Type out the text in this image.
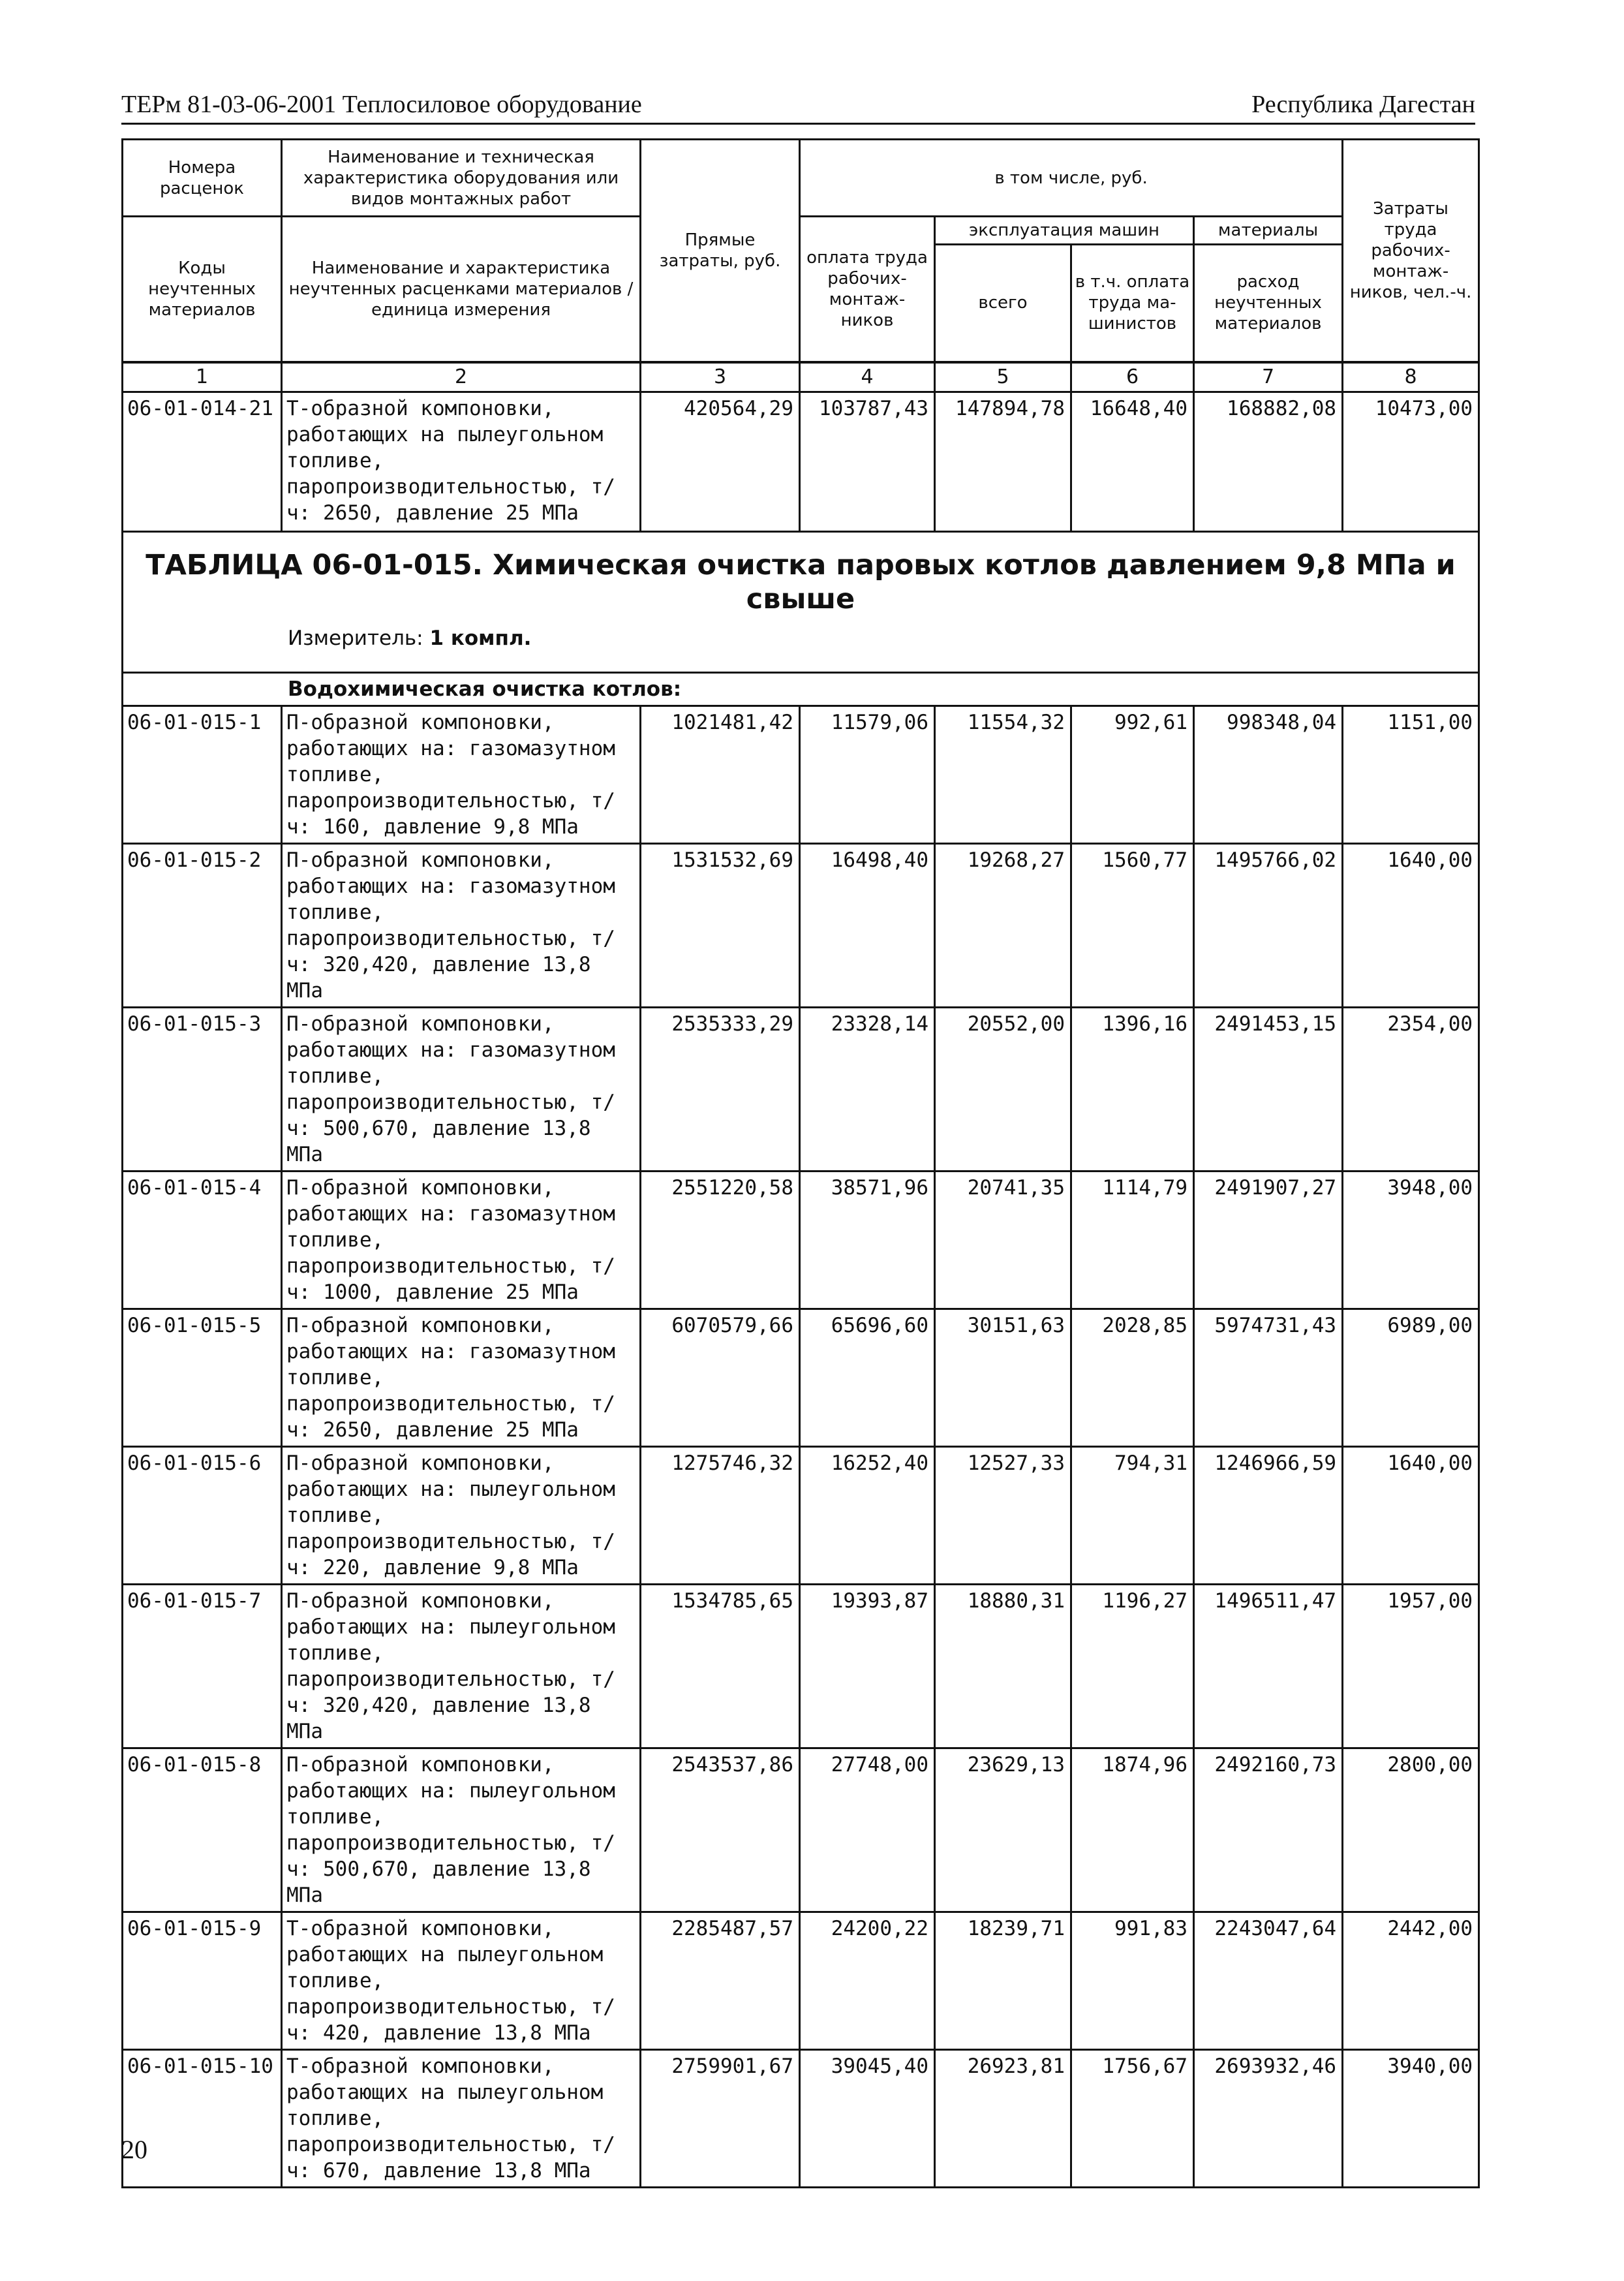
ТЕРм 81-03-06-2001 Теплосиловое оборудование	Республика Дагестан
Номера расценок	Наименование и техническая характеристика оборудования или видов монтажных работ	Прямые затраты, руб.	в том числе, руб.				Затраты труда рабочих-монтаж-ников, чел.-ч.
Коды неучтенных материалов	Наименование и характеристика неучтенных расценками материалов / единица измерения		оплата труда рабочих-монтаж-ников	эксплуатация машин		материалы	
				всего	в т.ч. оплата труда ма-шинистов	расход неучтенных материалов	
1	2	3	4	5	6	7	8
06-01-014-21	Т-образной компоновки, работающих на пылеугольном топливе, паропроизводительностью, т/ч: 2650, давление 25 МПа	420564,29	103787,43	147894,78	16648,40	168882,08	10473,00

ТАБЛИЦА 06-01-015. Химическая очистка паровых котлов давлением 9,8 МПа и свыше
Измеритель: 1 компл.							

Водохимическая очистка котлов:							
06-01-015-1	П-образной компоновки, работающих на: газомазутном топливе, паропроизводительностью, т/ч: 160, давление 9,8 МПа	1021481,42	11579,06	11554,32	992,61	998348,04	1151,00
06-01-015-2	П-образной компоновки, работающих на: газомазутном топливе, паропроизводительностью, т/ч: 320,420, давление 13,8 МПа	1531532,69	16498,40	19268,27	1560,77	1495766,02	1640,00
06-01-015-3	П-образной компоновки, работающих на: газомазутном топливе, паропроизводительностью, т/ч: 500,670, давление 13,8 МПа	2535333,29	23328,14	20552,00	1396,16	2491453,15	2354,00
06-01-015-4	П-образной компоновки, работающих на: газомазутном топливе, паропроизводительностью, т/ч: 1000, давление 25 МПа	2551220,58	38571,96	20741,35	1114,79	2491907,27	3948,00
06-01-015-5	П-образной компоновки, работающих на: газомазутном топливе, паропроизводительностью, т/ч: 2650, давление 25 МПа	6070579,66	65696,60	30151,63	2028,85	5974731,43	6989,00
06-01-015-6	П-образной компоновки, работающих на: пылеугольном топливе, паропроизводительностью, т/ч: 220, давление 9,8 МПа	1275746,32	16252,40	12527,33	794,31	1246966,59	1640,00
06-01-015-7	П-образной компоновки, работающих на: пылеугольном топливе, паропроизводительностью, т/ч: 320,420, давление 13,8 МПа	1534785,65	19393,87	18880,31	1196,27	1496511,47	1957,00
06-01-015-8	П-образной компоновки, работающих на: пылеугольном топливе, паропроизводительностью, т/ч: 500,670, давление 13,8 МПа	2543537,86	27748,00	23629,13	1874,96	2492160,73	2800,00
06-01-015-9	Т-образной компоновки, работающих на пылеугольном топливе, паропроизводительностью, т/ч: 420, давление 13,8 МПа	2285487,57	24200,22	18239,71	991,83	2243047,64	2442,00
06-01-015-10	Т-образной компоновки, работающих на пылеугольном топливе, паропроизводительностью, т/ч: 670, давление 13,8 МПа	2759901,67	39045,40	26923,81	1756,67	2693932,46	3940,00
20
